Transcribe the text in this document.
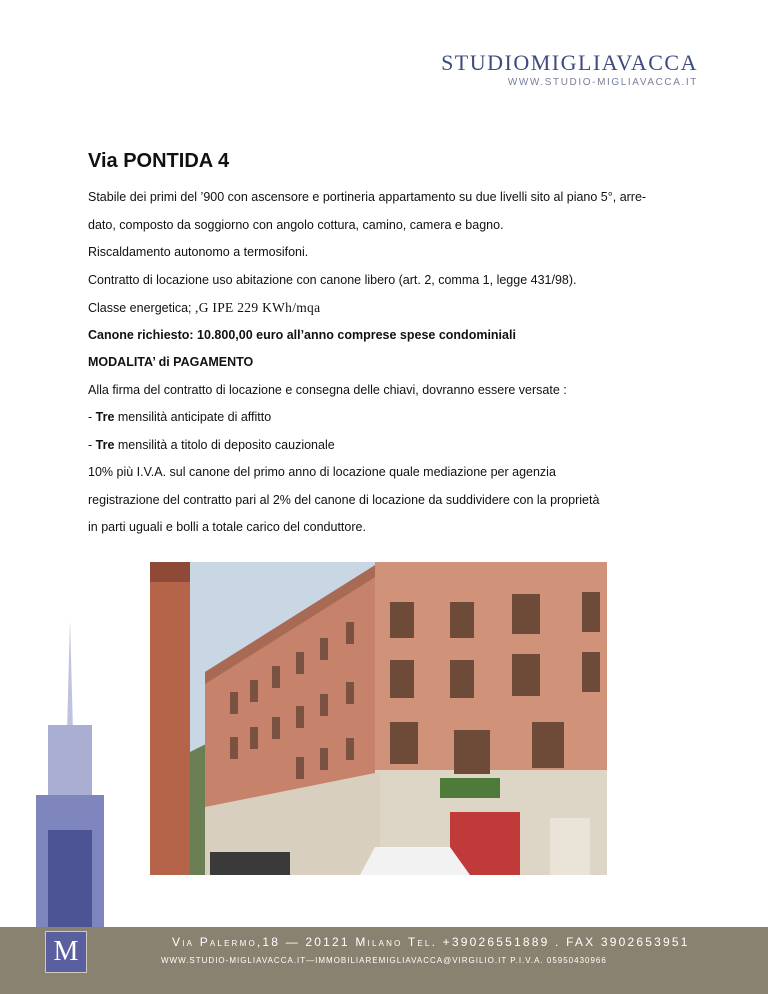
STUDIOMIGLIAVACCA
WWW.STUDIO-MIGLIAVACCA.IT
Via PONTIDA 4
Stabile dei primi del ’900 con ascensore e portineria appartamento su due livelli sito al piano 5°, arre-
dato, composto da soggiorno con angolo cottura, camino, camera e bagno.
Riscaldamento autonomo a termosifoni.
Contratto di locazione uso abitazione con canone libero (art. 2, comma 1, legge 431/98).
Classe energetica; ,G IPE 229 KWh/mqa
Canone richiesto: 10.800,00 euro all’anno comprese spese condominiali
MODALITA’ di PAGAMENTO
Alla firma del contratto di locazione e consegna delle chiavi, dovranno essere versate :
- Tre mensilità anticipate di affitto
- Tre mensilità a titolo di deposito cauzionale
10% più I.V.A. sul canone del primo anno di locazione quale mediazione per agenzia
registrazione del contratto pari al 2% del canone di locazione da suddividere con la proprietà
in parti uguali e bolli a totale carico del conduttore.
M	Via Palermo,18 — 20121 Milano Tel. +39026551889 . FAX 3902653951
WWW.STUDIO-MIGLIAVACCA.IT—IMMOBILIAREMIGLIAVACCA@VIRGILIO.IT P.I.V.A. 05950430966
